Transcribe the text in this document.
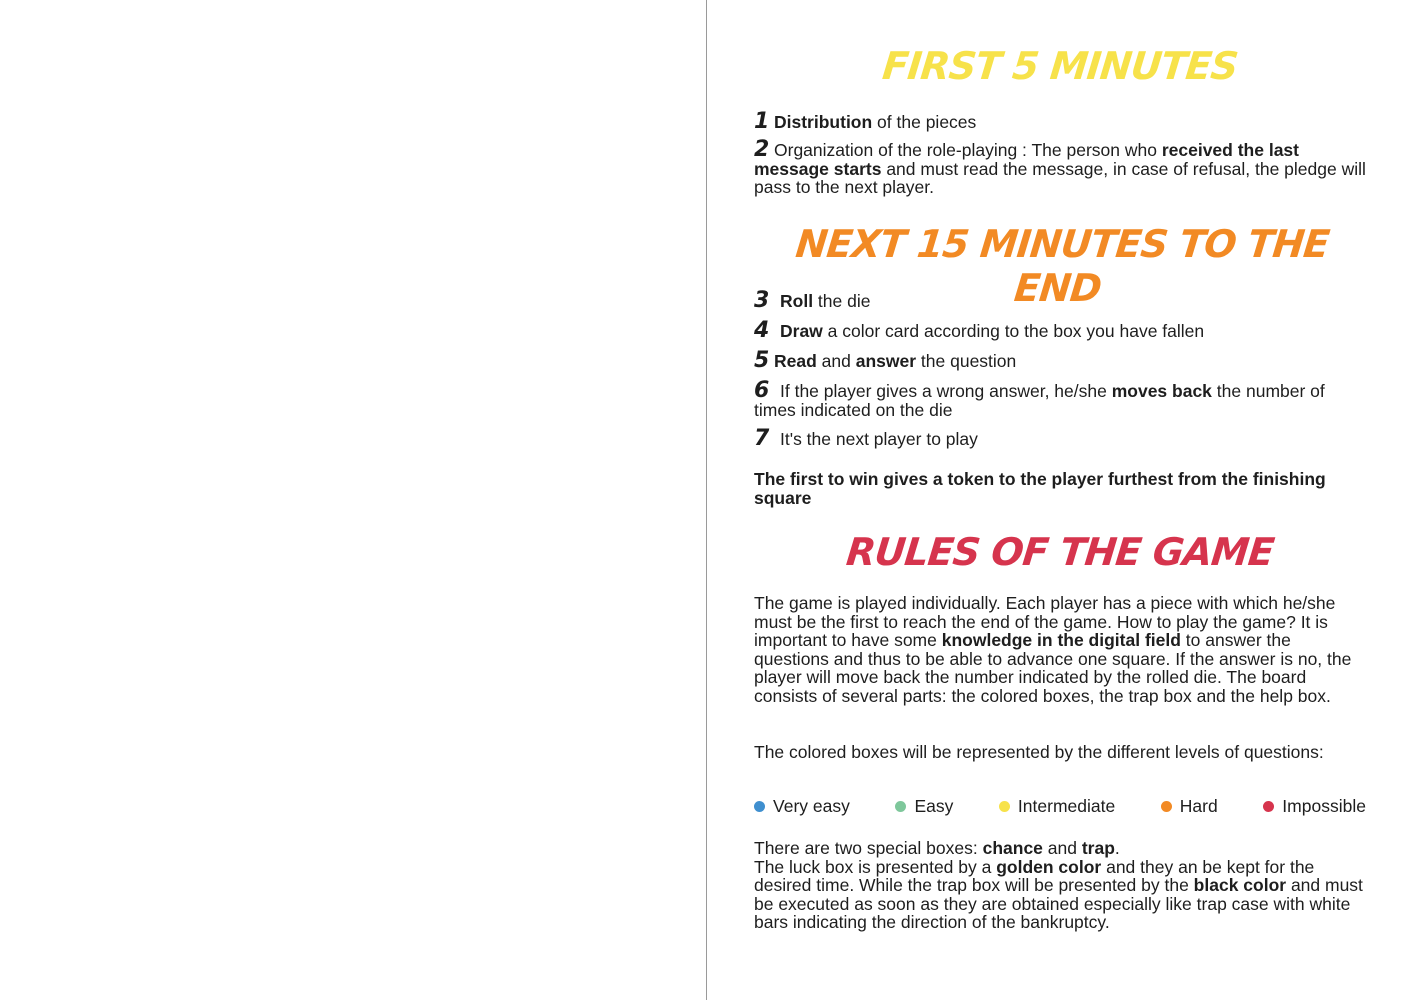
FIRST 5 MINUTES
1 Distribution of the pieces
2 Organization of the role-playing : The person who received the last message starts and must read the message, in case of refusal, the pledge will pass to the next player.
NEXT 15 MINUTES TO THE END
3 Roll the die
4 Draw a color card according to the box you have fallen
5 Read and answer the question
6 If the player gives a wrong answer, he/she moves back the number of times indicated on the die
7 It's the next player to play
The first to win gives a token to the player furthest from the finishing square
RULES OF THE GAME
The game is played individually. Each player has a piece with which he/she must be the first to reach the end of the game. How to play the game? It is important to have some knowledge in the digital field to answer the questions and thus to be able to advance one square. If the answer is no, the player will move back the number indicated by the rolled die. The board consists of several parts: the colored boxes, the trap box and the help box.
The colored boxes will be represented by the different levels of questions:
Very easy	Easy	Intermediate	Hard	Impossible
There are two special boxes: chance and trap.
The luck box is presented by a golden color and they an be kept for the desired time. While the trap box will be presented by the black color and must be executed as soon as they are obtained especially like trap case with white bars indicating the direction of the bankruptcy.
